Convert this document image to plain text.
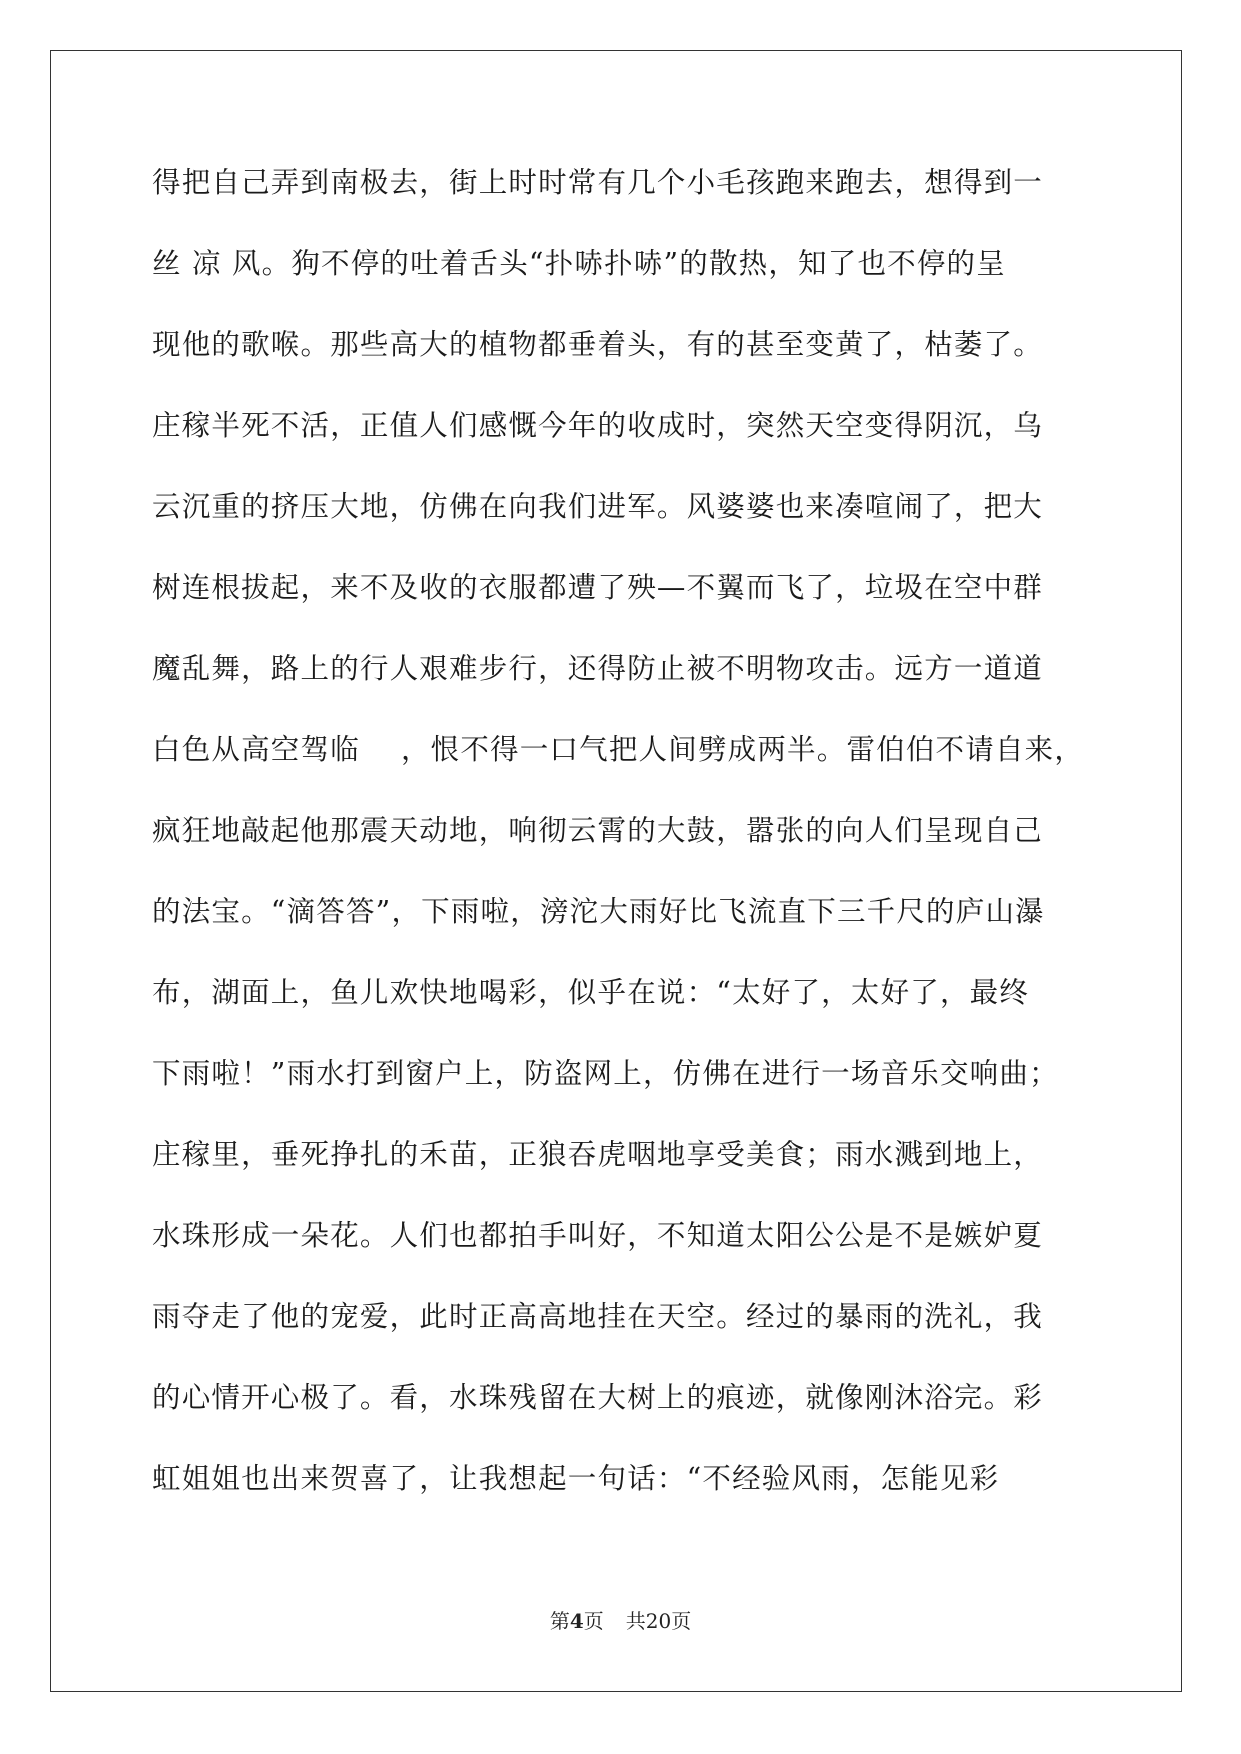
得把自己弄到南极去，街上时时常有几个小毛孩跑来跑去，想得到一
丝 凉 风。狗不停的吐着舌头“扑哧扑哧”的散热，知了也不停的呈
现他的歌喉。那些高大的植物都垂着头，有的甚至变黄了，枯萎了。
庄稼半死不活，正值人们感慨今年的收成时，突然天空变得阴沉，乌
云沉重的挤压大地，仿佛在向我们进军。风婆婆也来凑喧闹了，把大
树连根拔起，来不及收的衣服都遭了殃—不翼而飞了，垃圾在空中群
魔乱舞，路上的行人艰难步行，还得防止被不明物攻击。远方一道道
白色从高空驾临    ，恨不得一口气把人间劈成两半。雷伯伯不请自来，
疯狂地敲起他那震天动地，响彻云霄的大鼓，嚣张的向人们呈现自己
的法宝。“滴答答”，下雨啦，滂沱大雨好比飞流直下三千尺的庐山瀑
布，湖面上，鱼儿欢快地喝彩，似乎在说：“太好了，太好了，最终
下雨啦！”雨水打到窗户上，防盗网上，仿佛在进行一场音乐交响曲；
庄稼里，垂死挣扎的禾苗，正狼吞虎咽地享受美食；雨水溅到地上，
水珠形成一朵花。人们也都拍手叫好，不知道太阳公公是不是嫉妒夏
雨夺走了他的宠爱，此时正高高地挂在天空。经过的暴雨的洗礼，我
的心情开心极了。看，水珠残留在大树上的痕迹，就像刚沐浴完。彩
虹姐姐也出来贺喜了，让我想起一句话：“不经验风雨，怎能见彩
第4页 共20页
